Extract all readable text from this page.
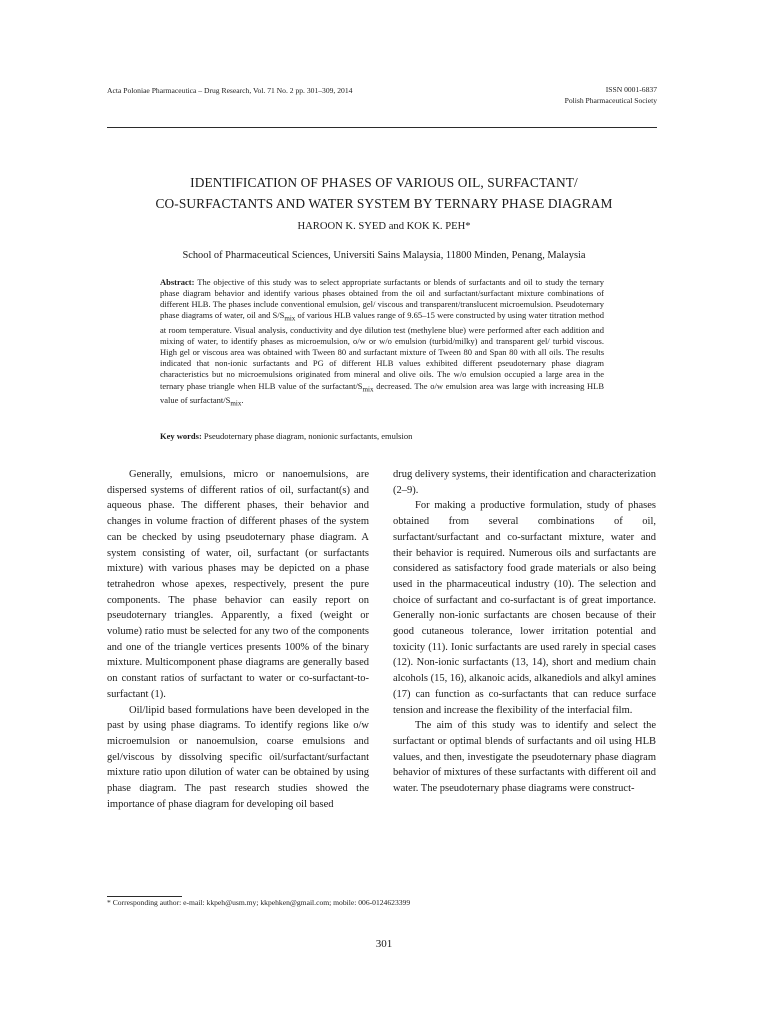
Acta Poloniae Pharmaceutica – Drug Research, Vol. 71 No. 2 pp. 301–309, 2014	ISSN 0001-6837
Polish Pharmaceutical Society
IDENTIFICATION OF PHASES OF VARIOUS OIL, SURFACTANT/
CO-SURFACTANTS AND WATER SYSTEM BY TERNARY PHASE DIAGRAM
HAROON K. SYED and KOK K. PEH*
School of Pharmaceutical Sciences, Universiti Sains Malaysia, 11800 Minden, Penang, Malaysia

Abstract: The objective of this study was to select appropriate surfactants or blends of surfactants and oil to study the ternary phase diagram behavior and identify various phases obtained from the oil and surfactant/surfactant mixture combinations of different HLB. The phases include conventional emulsion, gel/ viscous and transparent/translucent microemulsion. Pseudoternary phase diagrams of water, oil and $S/S_{mix}$ of various HLB values range of 9.65–15 were constructed by using water titration method at room temperature. Visual analysis, conductivity and dye dilution test (methylene blue) were performed after each addition and mixing of water, to identify phases as microemulsion, o/w or w/o emulsion (turbid/milky) and transparent gel/ turbid viscous. High gel or viscous area was obtained with Tween 80 and surfactant mixture of Tween 80 and Span 80 with all oils. The results indicated that non-ionic surfactants and PG of different HLB values exhibited different pseudoternary phase diagram characteristics but no microemulsions originated from mineral and olive oils. The w/o emulsion occupied a large area in the ternary phase triangle when HLB value of the surfactant/$S_{mix}$ decreased. The o/w emulsion area was large with increasing HLB value of surfactant/$S_{mix}$.

Key words: Pseudoternary phase diagram, nonionic surfactants, emulsion

Generally, emulsions, micro or nanoemulsions, are dispersed systems of different ratios of oil, surfactant(s) and aqueous phase. The different phases, their behavior and changes in volume fraction of different phases of the system can be checked by using pseudoternary phase diagram. A system consisting of water, oil, surfactant (or surfactants mixture) with various phases may be depicted on a phase tetrahedron whose apexes, respectively, present the pure components. The phase behavior can easily report on pseudoternary triangles. Apparently, a fixed (weight or volume) ratio must be selected for any two of the components and one of the triangle vertices presents 100% of the binary mixture. Multicomponent phase diagrams are generally based on constant ratios of surfactant to water or co-surfactant-to-surfactant (1).

Oil/lipid based formulations have been developed in the past by using phase diagrams. To identify regions like o/w microemulsion or nanoemulsion, coarse emulsions and gel/viscous by dissolving specific oil/surfactant/surfactant mixture ratio upon dilution of water can be obtained by using phase diagram. The past research studies showed the importance of phase diagram for developing oil based

drug delivery systems, their identification and characterization (2–9).

For making a productive formulation, study of phases obtained from several combinations of oil, surfactant/surfactant and co-surfactant mixture, water and their behavior is required. Numerous oils and surfactants are considered as satisfactory food grade materials or also being used in the pharmaceutical industry (10). The selection and choice of surfactant and co-surfactant is of great importance. Generally non-ionic surfactants are chosen because of their good cutaneous tolerance, lower irritation potential and toxicity (11). Ionic surfactants are used rarely in special cases (12). Non-ionic surfactants (13, 14), short and medium chain alcohols (15, 16), alkanoic acids, alkanediols and alkyl amines (17) can function as co-surfactants that can reduce surface tension and increase the flexibility of the interfacial film.

The aim of this study was to identify and select the surfactant or optimal blends of surfactants and oil using HLB values, and then, investigate the pseudoternary phase diagram behavior of mixtures of these surfactants with different oil and water. The pseudoternary phase diagrams were construct-

* Corresponding author: e-mail: kkpeh@usm.my; kkpehken@gmail.com; mobile: 006-0124623399
301
